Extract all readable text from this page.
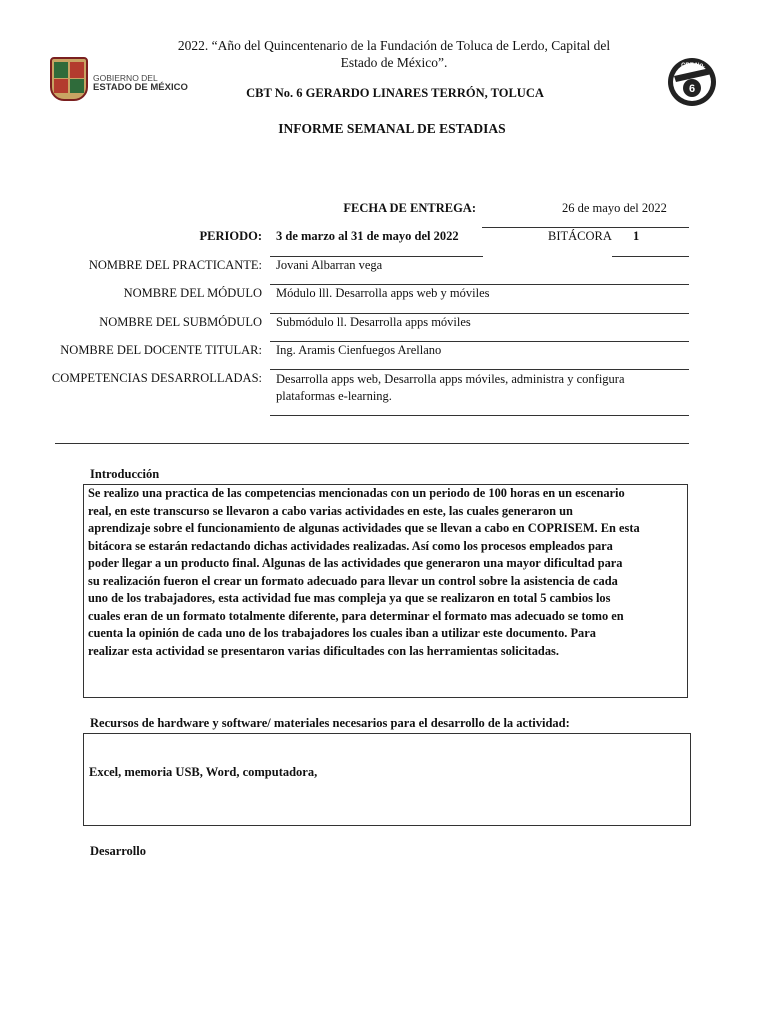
2022. “Año del Quincentenario de la Fundación de Toluca de Lerdo, Capital del
Estado de México”.
GOBIERNO DEL
ESTADO DE MÉXICO	CBT No. 6 GERARDO LINARES TERRÓN, TOLUCA	6
CBT No.
INFORME SEMANAL DE ESTADIAS
FECHA DE ENTREGA:	26 de mayo del 2022
PERIODO: 3 de marzo al 31 de mayo del 2022	BITÁCORA 1
NOMBRE DEL PRACTICANTE: Jovani Albarran vega
NOMBRE DEL MÓDULO Módulo lll. Desarrolla apps web y móviles
NOMBRE DEL SUBMÓDULO Submódulo ll. Desarrolla apps móviles
NOMBRE DEL DOCENTE TITULAR: Ing. Aramis Cienfuegos Arellano
COMPETENCIAS DESARROLLADAS: Desarrolla apps web, Desarrolla apps móviles, administra y configura
plataformas e-learning.
Introducción
Se realizo una practica de las competencias mencionadas con un periodo de 100 horas en un escenario
real, en este transcurso se llevaron a cabo varias actividades en este, las cuales generaron un
aprendizaje sobre el funcionamiento de algunas actividades que se llevan a cabo en COPRISEM. En esta
bitácora se estarán redactando dichas actividades realizadas. Así como los procesos empleados para
poder llegar a un producto final. Algunas de las actividades que generaron una mayor dificultad para
su realización fueron el crear un formato adecuado para llevar un control sobre la asistencia de cada
uno de los trabajadores, esta actividad fue mas compleja ya que se realizaron en total 5 cambios los
cuales eran de un formato totalmente diferente, para determinar el formato mas adecuado se tomo en
cuenta la opinión de cada uno de los trabajadores los cuales iban a utilizar este documento. Para
realizar esta actividad se presentaron varias dificultades con las herramientas solicitadas.
Recursos de hardware y software/ materiales necesarios para el desarrollo de la actividad:
Excel, memoria USB, Word, computadora,
Desarrollo
